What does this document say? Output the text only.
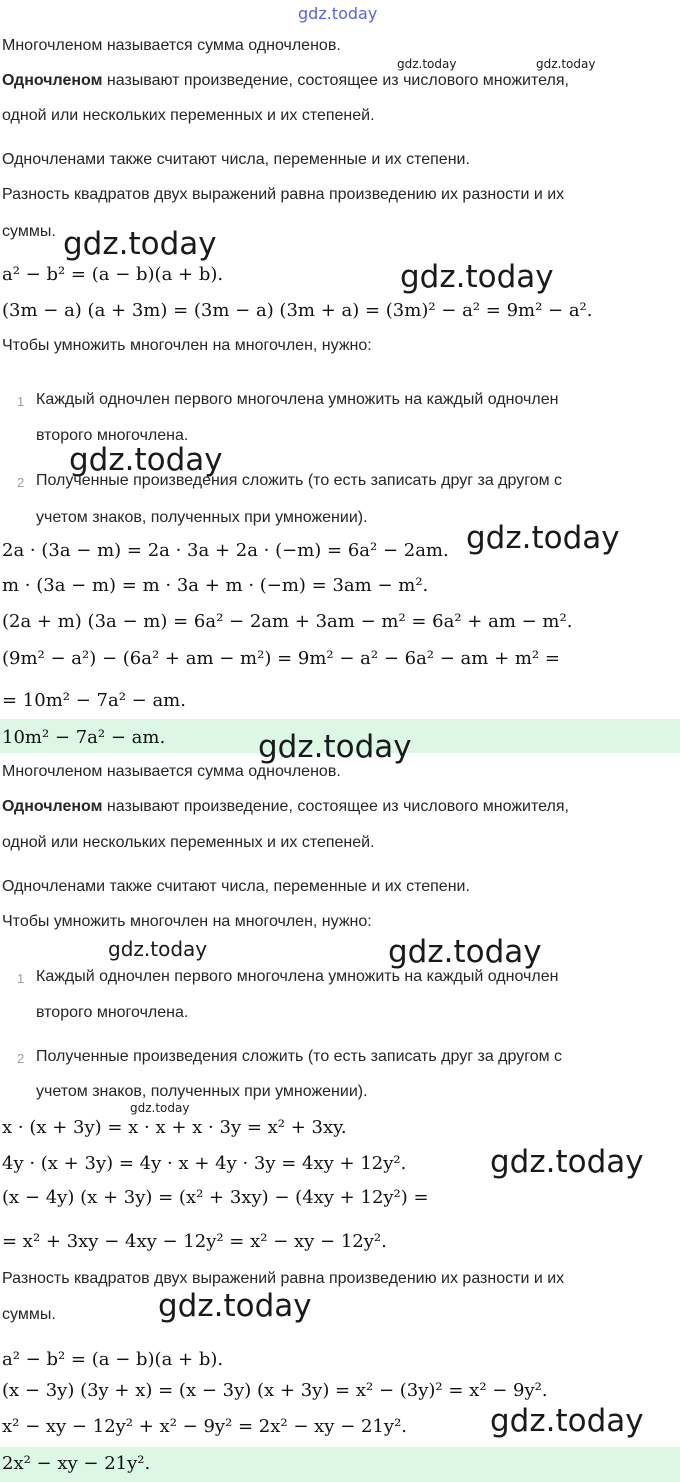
gdz.today
Многочленом называется сумма одночленов.
gdz.today	gdz.today
Одночленом называют произведение, состоящее из числового множителя,
одной или нескольких переменных и их степеней.
Одночленами также считают числа, переменные и их степени.
Разность квадратов двух выражений равна произведению их разности и их
суммы. gdz.today
a² − b² = (a − b)(a + b).	gdz.today
(3m − a) (a + 3m) = (3m − a) (3m + a) = (3m)² − a² = 9m² − a².
Чтобы умножить многочлен на многочлен, нужно:
1 Каждый одночлен первого многочлена умножить на каждый одночлен
второго многочлена.
gdz.today
2 Полученные произведения сложить (то есть записать друг за другом с
учетом знаков, полученных при умножении).
2a · (3a − m) = 2a · 3a + 2a · (−m) = 6a² − 2am. gdz.today
m · (3a − m) = m · 3a + m · (−m) = 3am − m².
(2a + m) (3a − m) = 6a² − 2am + 3am − m² = 6a² + am − m².
(9m² − a²) − (6a² + am − m²) = 9m² − a² − 6a² − am + m² =
= 10m² − 7a² − am.
10m² − 7a² − am.	gdz.today
Многочленом называется сумма одночленов.
Одночленом называют произведение, состоящее из числового множителя,
одной или нескольких переменных и их степеней.
Одночленами также считают числа, переменные и их степени.
Чтобы умножить многочлен на многочлен, нужно:
gdz.today	gdz.today
1 Каждый одночлен первого многочлена умножить на каждый одночлен
второго многочлена.
2 Полученные произведения сложить (то есть записать друг за другом с
учетом знаков, полученных при умножении).
gdz.today
x · (x + 3y) = x · x + x · 3y = x² + 3xy.
4y · (x + 3y) = 4y · x + 4y · 3y = 4xy + 12y².	gdz.today
(x − 4y) (x + 3y) = (x² + 3xy) − (4xy + 12y²) =
= x² + 3xy − 4xy − 12y² = x² − xy − 12y².
Разность квадратов двух выражений равна произведению их разности и их
суммы.	gdz.today
a² − b² = (a − b)(a + b).
(x − 3y) (3y + x) = (x − 3y) (x + 3y) = x² − (3y)² = x² − 9y².
x² − xy − 12y² + x² − 9y² = 2x² − xy − 21y².	gdz.today
2x² − xy − 21y².
